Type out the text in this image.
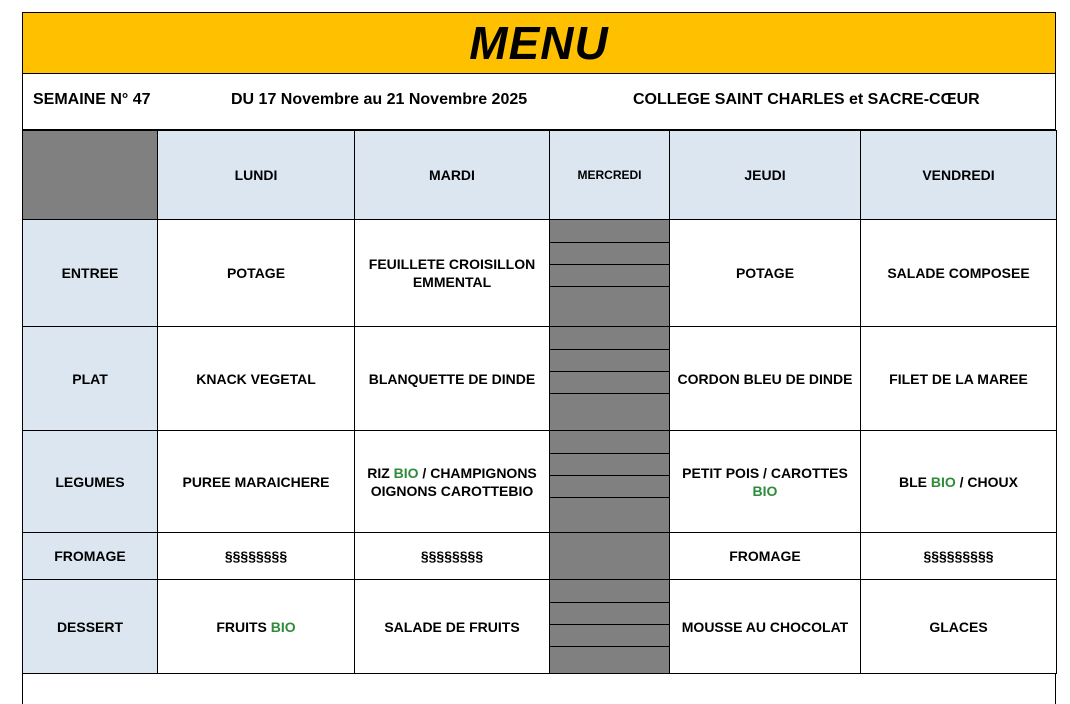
MENU
SEMAINE N° 47	DU 17 Novembre au 21 Novembre 2025	COLLEGE SAINT CHARLES et SACRE-CŒUR
	LUNDI	MARDI	MERCREDI	JEUDI	VENDREDI
ENTREE	POTAGE	FEUILLETE CROISILLON EMMENTAL		POTAGE	SALADE COMPOSEE
PLAT	KNACK VEGETAL	BLANQUETTE DE DINDE		CORDON BLEU DE DINDE	FILET DE LA MAREE
LEGUMES	PUREE MARAICHERE	RIZ BIO / CHAMPIGNONS OIGNONS CAROTTEBIO		PETIT POIS / CAROTTES BIO	BLE BIO / CHOUX
FROMAGE	§§§§§§§§	§§§§§§§§		FROMAGE	§§§§§§§§§
DESSERT	FRUITS BIO	SALADE DE FRUITS		MOUSSE AU CHOCOLAT	GLACES
